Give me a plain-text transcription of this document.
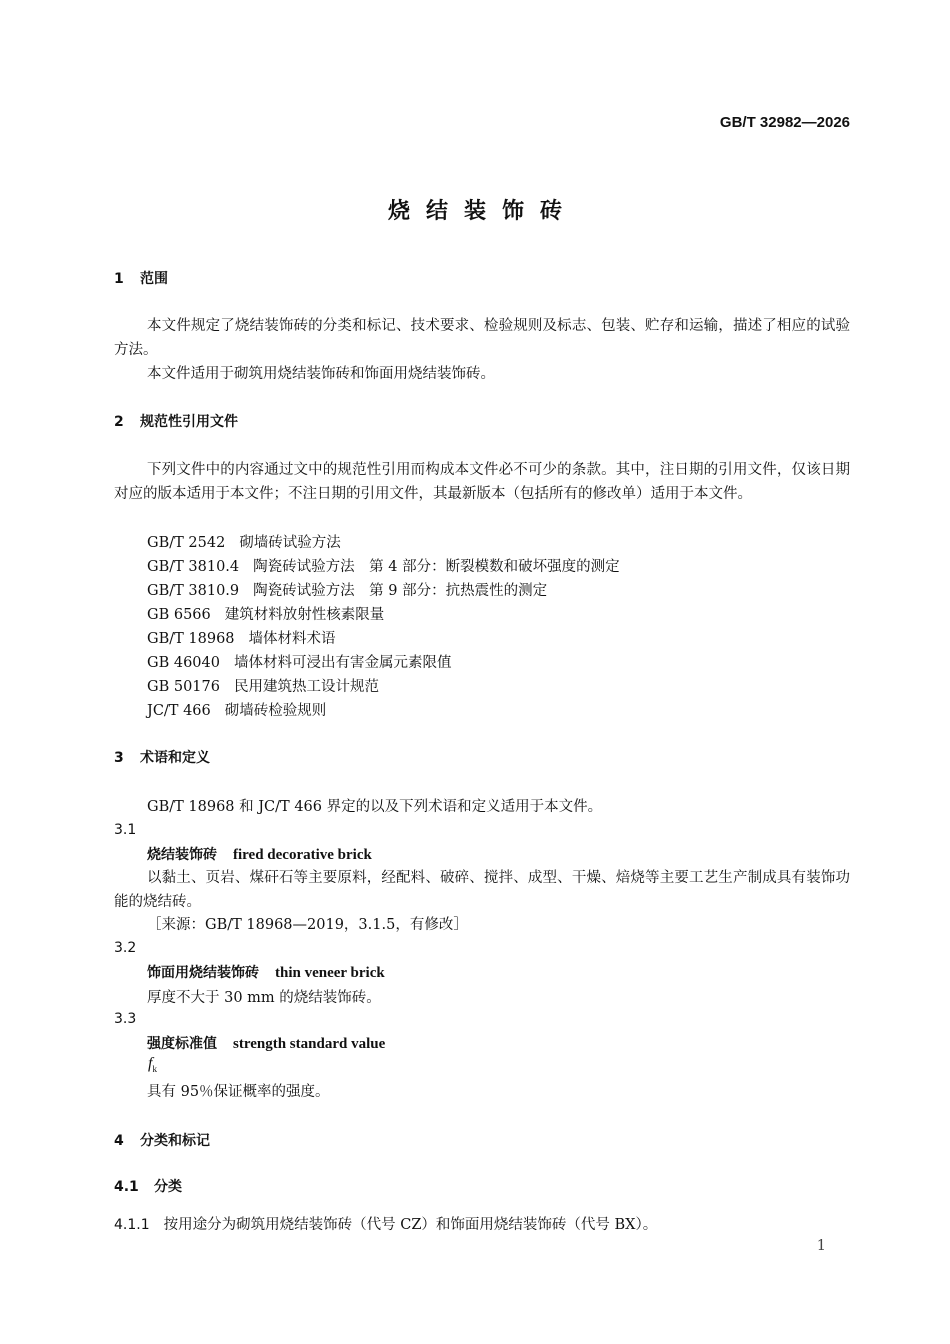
GB/T 32982—2026
烧结装饰砖
1 范围
本文件规定了烧结装饰砖的分类和标记、技术要求、检验规则及标志、包装、贮存和运输，描述了相应的试验方法。
本文件适用于砌筑用烧结装饰砖和饰面用烧结装饰砖。
2 规范性引用文件
下列文件中的内容通过文中的规范性引用而构成本文件必不可少的条款。其中，注日期的引用文件，仅该日期对应的版本适用于本文件；不注日期的引用文件，其最新版本（包括所有的修改单）适用于本文件。
GB/T 2542 砌墙砖试验方法
GB/T 3810.4 陶瓷砖试验方法　第 4 部分：断裂模数和破坏强度的测定
GB/T 3810.9 陶瓷砖试验方法　第 9 部分：抗热震性的测定
GB 6566 建筑材料放射性核素限量
GB/T 18968 墙体材料术语
GB 46040 墙体材料可浸出有害金属元素限值
GB 50176 民用建筑热工设计规范
JC/T 466 砌墙砖检验规则
3 术语和定义
GB/T 18968 和 JC/T 466 界定的以及下列术语和定义适用于本文件。
3.1
烧结装饰砖 fired decorative brick
以黏土、页岩、煤矸石等主要原料，经配料、破碎、搅拌、成型、干燥、焙烧等主要工艺生产制成具有装饰功能的烧结砖。
［来源：GB/T 18968—2019，3.1.5，有修改］
3.2
饰面用烧结装饰砖 thin veneer brick
厚度不大于 30 mm 的烧结装饰砖。
3.3
强度标准值 strength standard value
$f_k$
具有 95％保证概率的强度。
4 分类和标记
4.1 分类
4.1.1 按用途分为砌筑用烧结装饰砖（代号 CZ）和饰面用烧结装饰砖（代号 BX）。
1
